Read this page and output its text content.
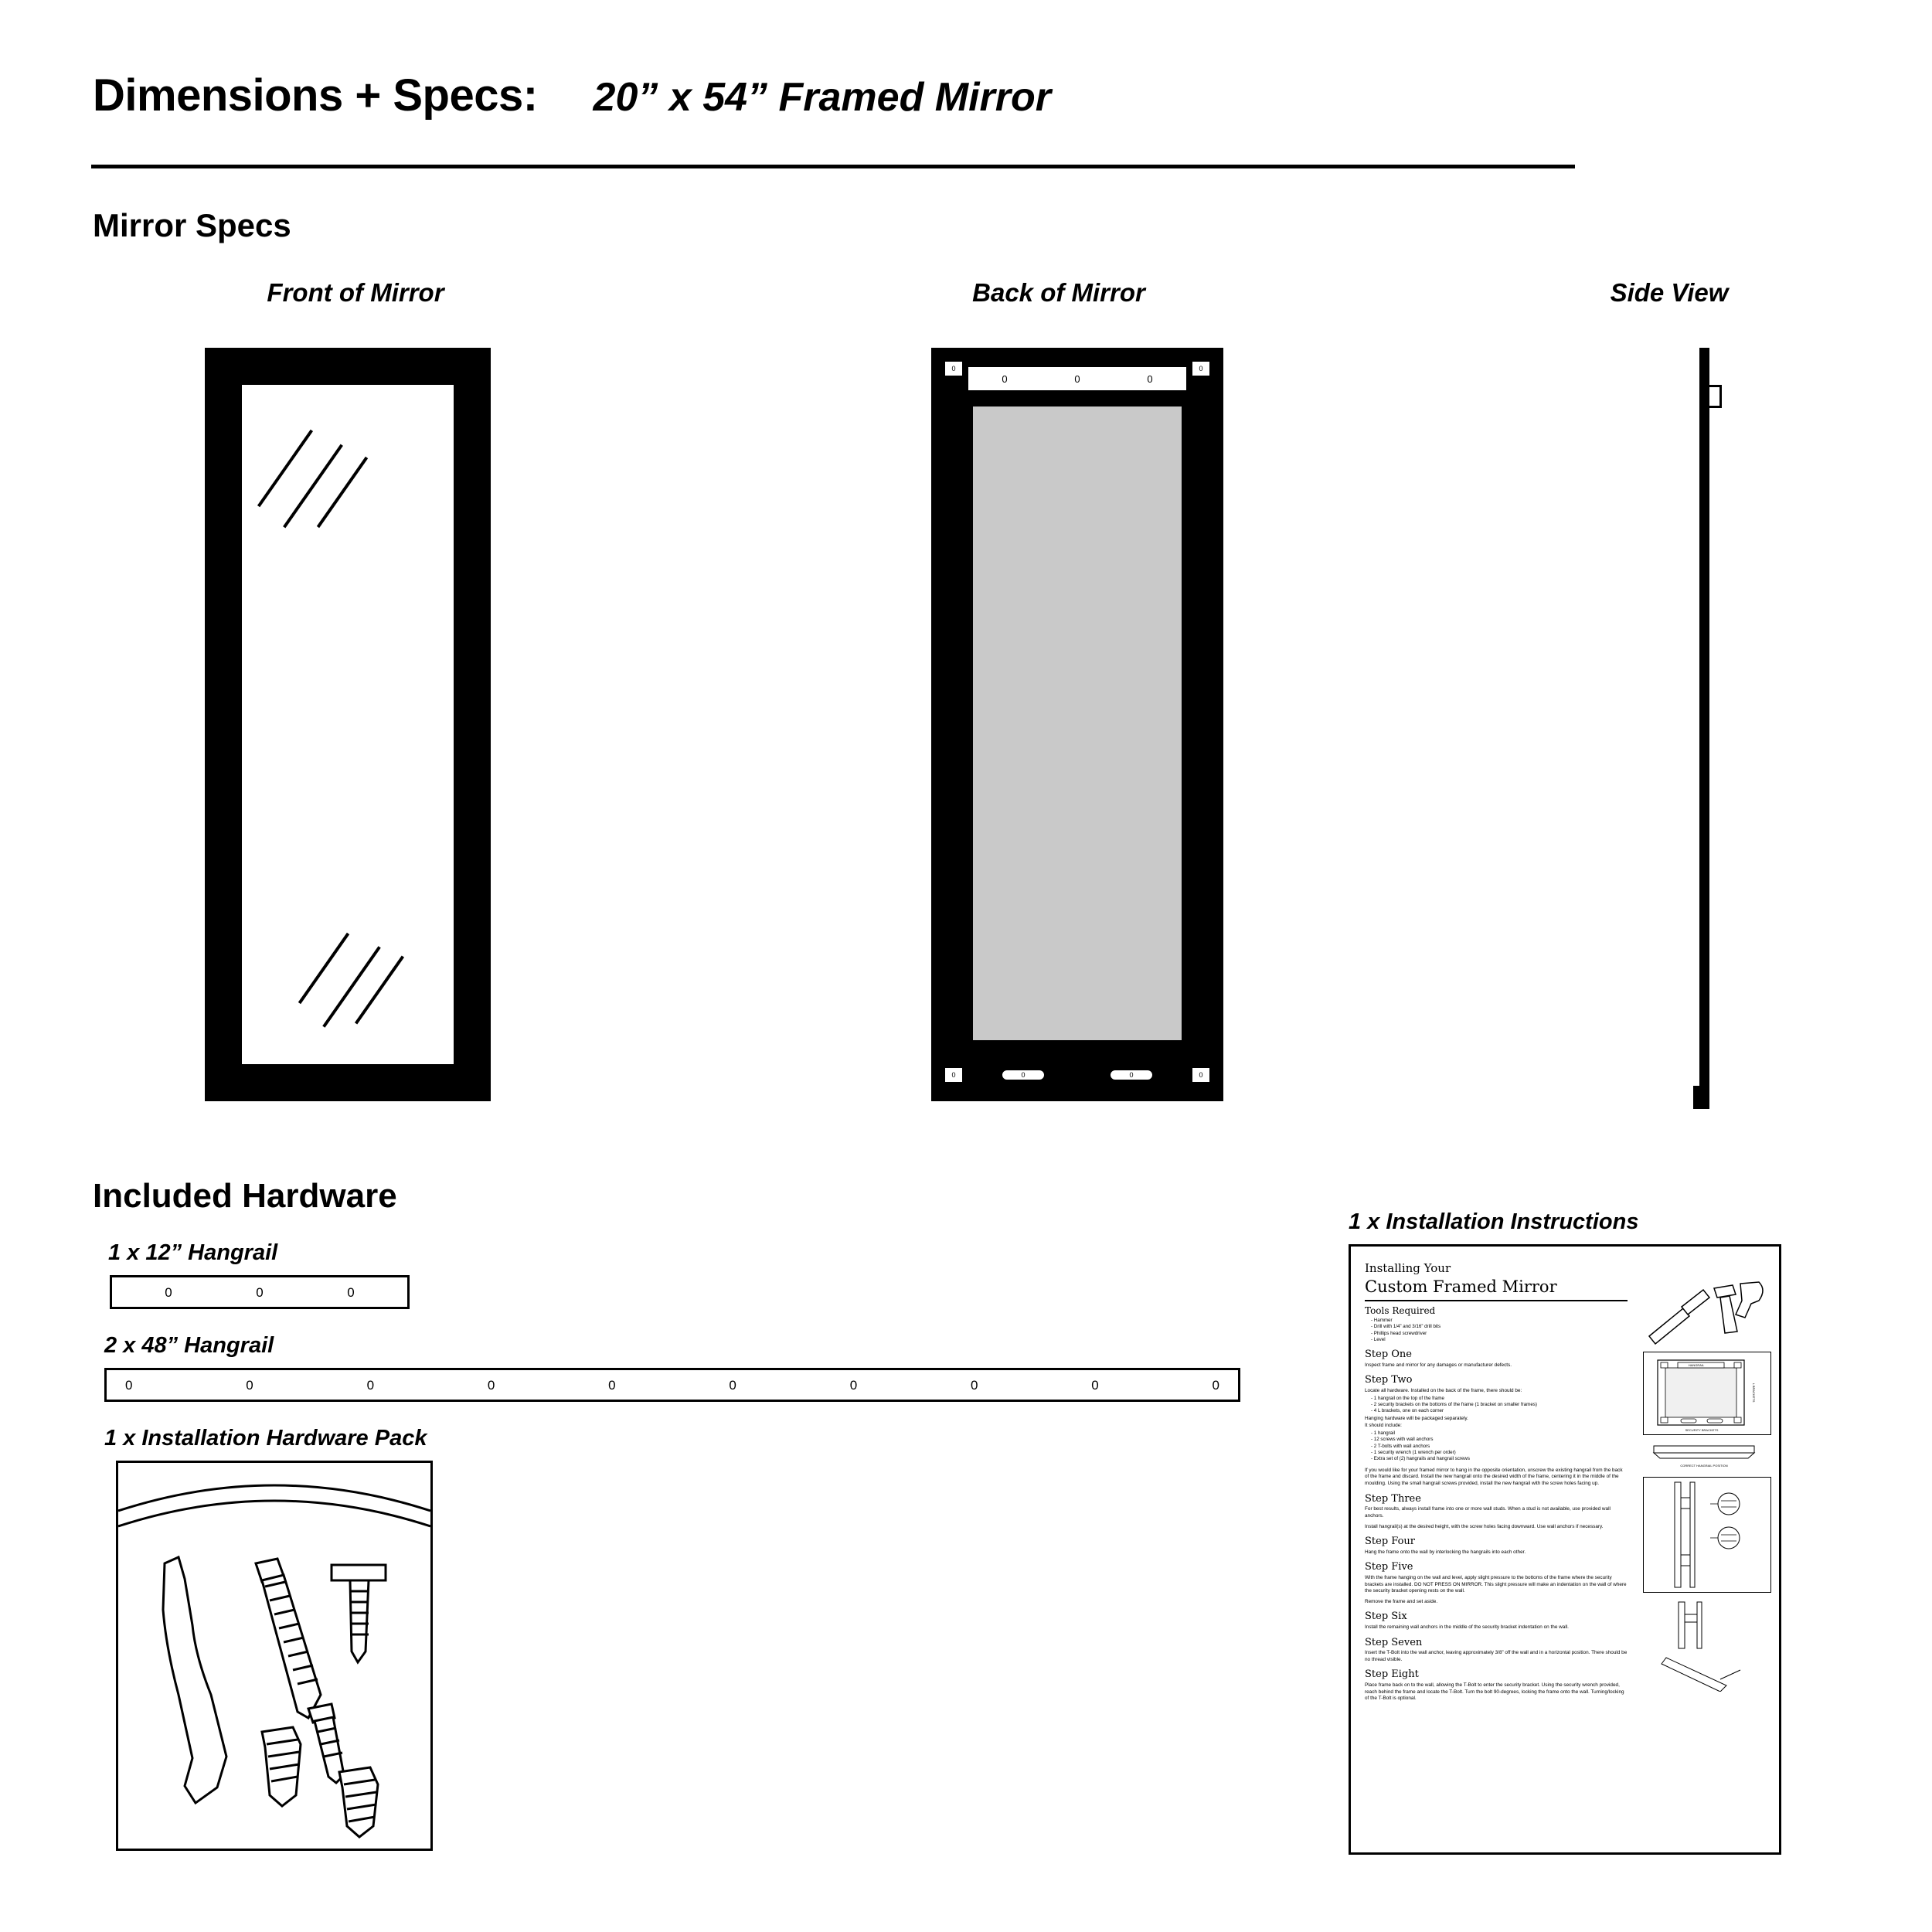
Dimensions + Specs: 20” x 54” Framed Mirror
Mirror Specs
Front of Mirror	Back of Mirror	Side View
0	0	0
0	0
0	0
0	0
Included Hardware
1 x 12” Hangrail
0	0	0
2 x 48” Hangrail
0	0	0	0	0	0	0	0	0	0
1 x Installation Hardware Pack
1 x Installation Instructions
Installing Your
Custom Framed Mirror
Tools Required
- Hammer
- Drill with 1/4” and 3/16” drill bits
- Phillips head screwdriver
- Level
Step One
Inspect frame and mirror for any damages or manufacturer defects.
Step Two
Locate all hardware. Installed on the back of the frame, there should be:
- 1 hangrail on the top of the frame
- 2 security brackets on the bottoms of the frame (1 bracket on smaller frames)
- 4 L brackets, one on each corner
Hanging hardware will be packaged separately.
It should include:
- 1 hangrail
- 12 screws with wall anchors
- 2 T-bolts with wall anchors
- 1 security wrench (1 wrench per order)
- Extra set of (2) hangrails and hangrail screws
If you would like for your framed mirror to hang in the opposite orientation, unscrew the existing hangrail from the back of the frame and discard. Install the new hangrail onto the desired width of the frame, centering it in the middle of the moulding. Using the small hangrail screws provided, install the new hangrail with the screw holes facing up.
Step Three
For best results, always install frame into one or more wall studs. When a stud is not available, use provided wall anchors.
Install hangrail(s) at the desired height, with the screw holes facing downward. Use wall anchors if necessary.
Step Four
Hang the frame onto the wall by interlocking the hangrails into each other.
Step Five
With the frame hanging on the wall and level, apply slight pressure to the bottoms of the frame where the security brackets are installed. DO NOT PRESS ON MIRROR. This slight pressure will make an indentation on the wall of where the security bracket opening rests on the wall.
Remove the frame and set aside.
Step Six
Install the remaining wall anchors in the middle of the security bracket indentation on the wall.
Step Seven
Insert the T-Bolt into the wall anchor, leaving approximately 3/8” off the wall and in a horizontal position. There should be no thread visible.
Step Eight
Place frame back on to the wall, allowing the T-Bolt to enter the security bracket. Using the security wrench provided, reach behind the frame and locate the T-Bolt. Turn the bolt 90-degrees, locking the frame onto the wall. Turning/locking of the T-Bolt is optional.
HANGRAIL
L BRACKETS
SECURITY BRACKETS
CORRECT HANGRAIL POSITION
